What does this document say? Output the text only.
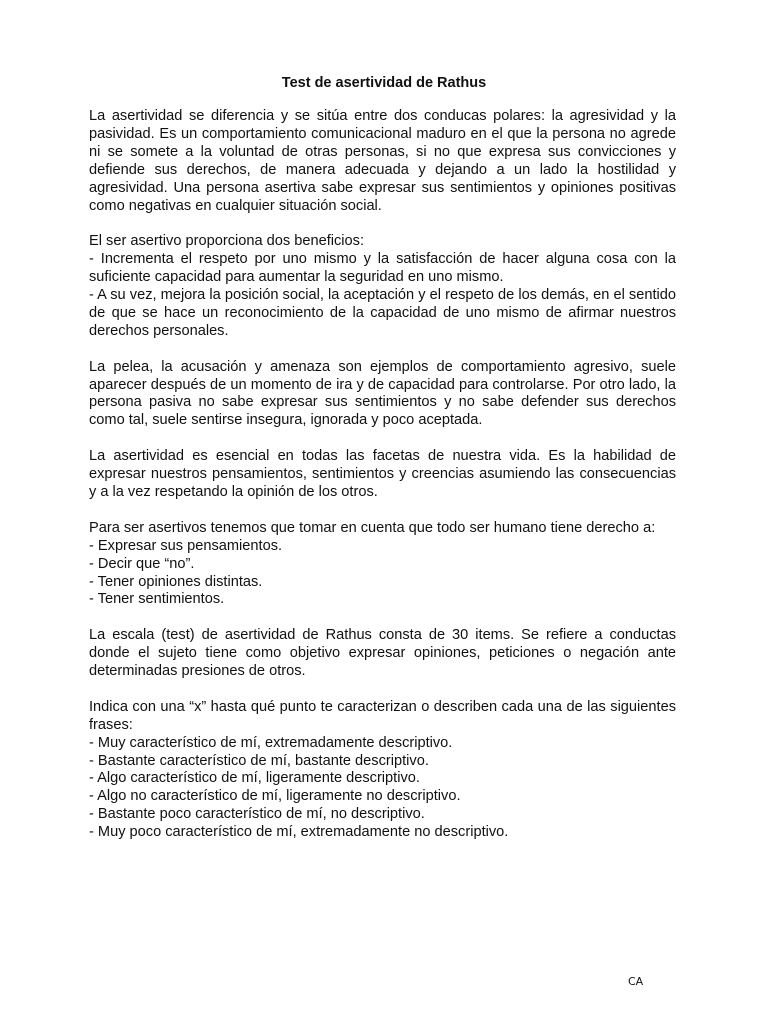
Test de asertividad de Rathus

La asertividad se diferencia y se sitúa entre dos conducas polares: la agresividad y la pasividad. Es un comportamiento comunicacional maduro en el que la persona no agrede ni se somete a la voluntad de otras personas, si no que expresa sus convicciones y defiende sus derechos, de manera adecuada y dejando a un lado la hostilidad y agresividad. Una persona asertiva sabe expresar sus sentimientos y opiniones positivas como negativas en cualquier situación social.

El ser asertivo proporciona dos beneficios:
- Incrementa el respeto por uno mismo y la satisfacción de hacer alguna cosa con la suficiente capacidad para aumentar la seguridad en uno mismo.
- A su vez, mejora la posición social, la aceptación y el respeto de los demás, en el sentido de que se hace un reconocimiento de la capacidad de uno mismo de afirmar nuestros derechos personales.

La pelea, la acusación y amenaza son ejemplos de comportamiento agresivo, suele aparecer después de un momento de ira y de capacidad para controlarse. Por otro lado, la persona pasiva no sabe expresar sus sentimientos y no sabe defender sus derechos como tal, suele sentirse insegura, ignorada y poco aceptada.

La asertividad es esencial en todas las facetas de nuestra vida. Es la habilidad de expresar nuestros pensamientos, sentimientos y creencias asumiendo las consecuencias y a la vez respetando la opinión de los otros.

Para ser asertivos tenemos que tomar en cuenta que todo ser humano tiene derecho a:
- Expresar sus pensamientos.
- Decir que “no”.
- Tener opiniones distintas.
- Tener sentimientos.

La escala (test) de asertividad de Rathus consta de 30 items. Se refiere a conductas donde el sujeto tiene como objetivo expresar opiniones, peticiones o negación ante determinadas presiones de otros.

Indica con una “x” hasta qué punto te caracterizan o describen cada una de las siguientes frases:
- Muy característico de mí, extremadamente descriptivo.
- Bastante característico de mí, bastante descriptivo.
- Algo característico de mí, ligeramente descriptivo.
- Algo no característico de mí, ligeramente no descriptivo.
- Bastante poco característico de mí, no descriptivo.
- Muy poco característico de mí, extremadamente no descriptivo.
CA
